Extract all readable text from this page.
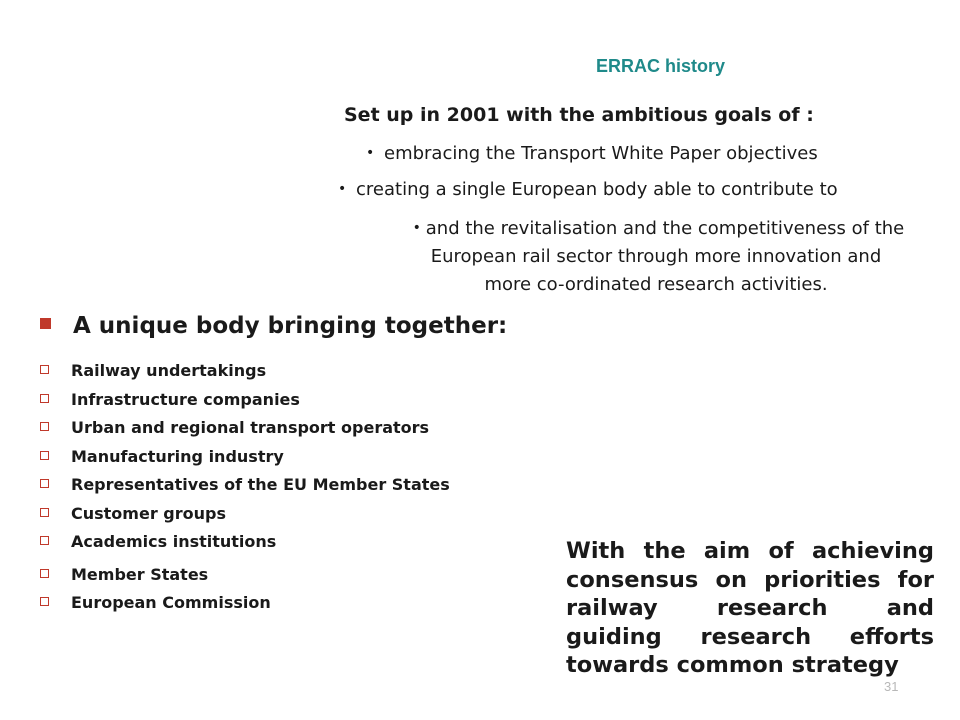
ERRAC history
Set up in 2001 with the ambitious goals of :
• embracing the Transport White Paper objectives
• creating a single European body able to contribute to
• and the revitalisation and the competitiveness of the
European rail sector through more innovation and
more co-ordinated research activities.
A unique body bringing together:
Railway undertakings
Infrastructure companies
Urban and regional transport operators
Manufacturing industry
Representatives of the EU Member States
Customer groups
Academics institutions
Member States
European Commission
With the aim of achieving
consensus on priorities for
railway research and
guiding research efforts
towards common strategy
31
